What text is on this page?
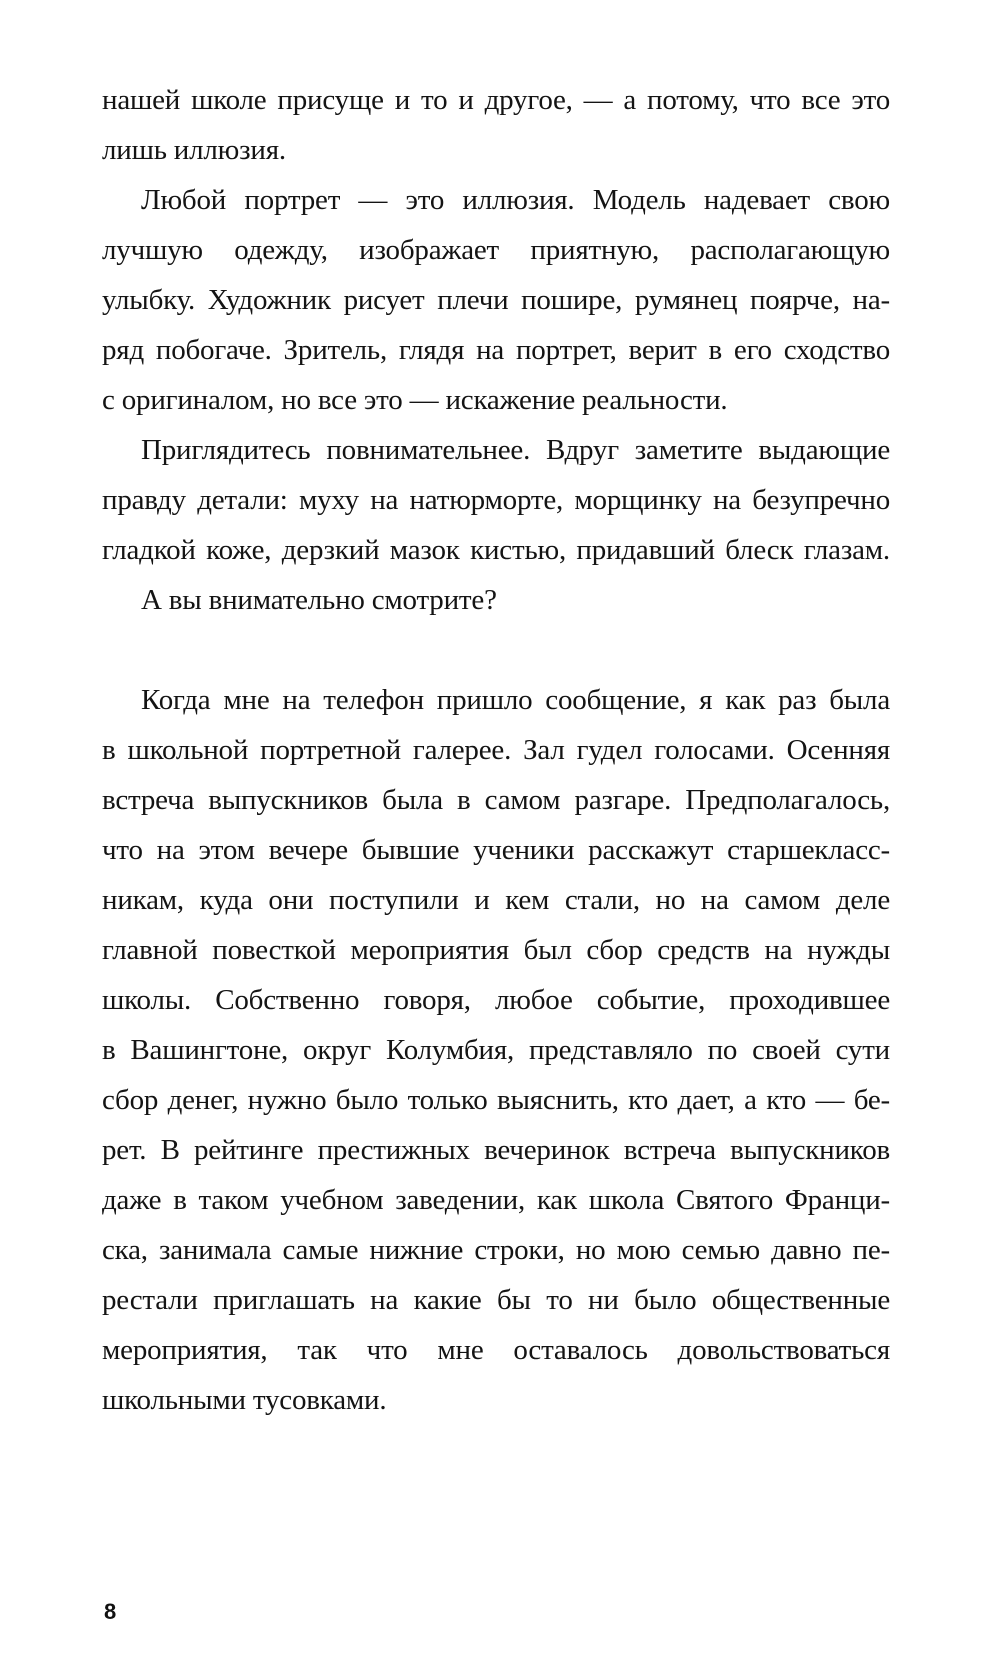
нашей школе присуще и то и другое, — а потому, что все это
лишь иллюзия.
Любой портрет — это иллюзия. Модель надевает свою
лучшую одежду, изображает приятную, располагающую
улыбку. Художник рисует плечи пошире, румянец поярче, на-
ряд побогаче. Зритель, глядя на портрет, верит в его сходство
с оригиналом, но все это — искажение реальности.
Приглядитесь повнимательнее. Вдруг заметите выдающие
правду детали: муху на натюрморте, морщинку на безупречно
гладкой коже, дерзкий мазок кистью, придавший блеск глазам.
А вы внимательно смотрите?
Когда мне на телефон пришло сообщение, я как раз была
в школьной портретной галерее. Зал гудел голосами. Осенняя
встреча выпускников была в самом разгаре. Предполагалось,
что на этом вечере бывшие ученики расскажут старшекласс-
никам, куда они поступили и кем стали, но на самом деле
главной повесткой мероприятия был сбор средств на нужды
школы. Собственно говоря, любое событие, проходившее
в Вашингтоне, округ Колумбия, представляло по своей сути
сбор денег, нужно было только выяснить, кто дает, а кто — бе-
рет. В рейтинге престижных вечеринок встреча выпускников
даже в таком учебном заведении, как школа Святого Франци-
ска, занимала самые нижние строки, но мою семью давно пе-
рестали приглашать на какие бы то ни было общественные
мероприятия, так что мне оставалось довольствоваться
школьными тусовками.
8
